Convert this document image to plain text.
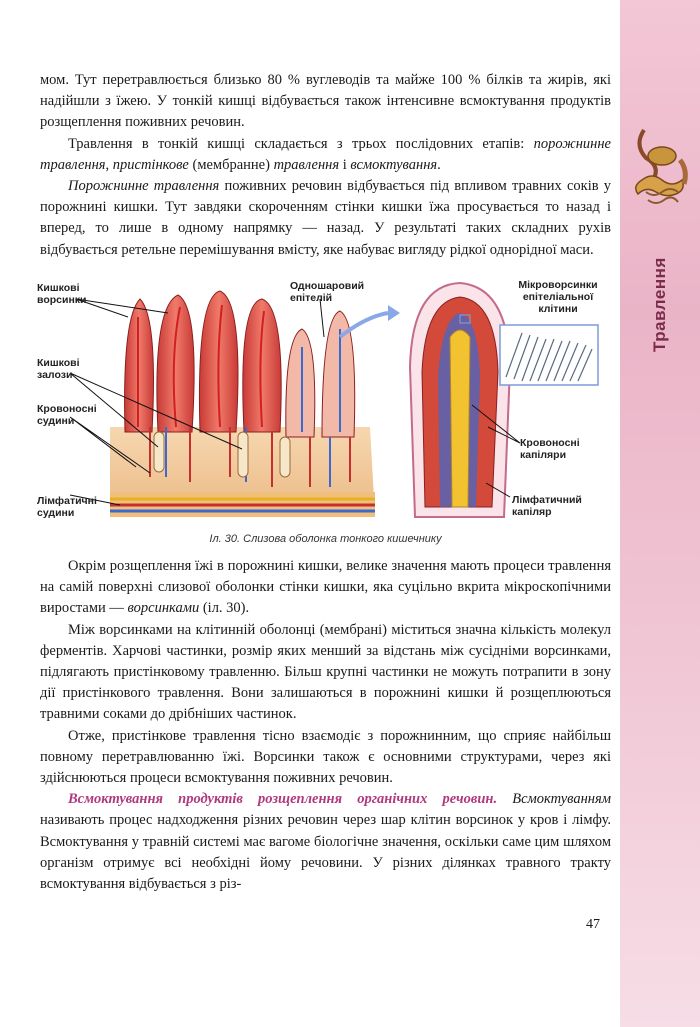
Травлення

мом. Тут перетравлюється близько 80 % вуглеводів та майже 100 % білків та жирів, які надійшли з їжею. У тонкій кишці відбувається також інтенсивне всмоктування продуктів розщеплення поживних речовин.

Травлення в тонкій кишці складається з трьох послідовних етапів: порожнинне травлення, пристінкове (мембранне) травлення і всмоктування.

Порожнинне травлення поживних речовин відбувається під впливом травних соків у порожнині кишки. Тут завдяки скороченням стінки кишки їжа просувається то назад і вперед, то лише в одному напрямку — назад. У результаті таких складних рухів відбувається ретельне перемішування вмісту, яке набуває вигляду рідкої однорідної маси.

Кишкові ворсинки
Кишкові залози
Кровоносні судини
Лімфатичні судини
Одношаровий епітелій
Мікроворсинки епітеліальної клітини
Кровоносні капіляри
Лімфатичний капіляр
Іл. 30. Слизова оболонка тонкого кишечнику

Окрім розщеплення їжі в порожнині кишки, велике значення мають процеси травлення на самій поверхні слизової оболонки стінки кишки, яка суцільно вкрита мікроскопічними виростами — ворсинками (іл. 30).

Між ворсинками на клітинній оболонці (мембрані) міститься значна кількість молекул ферментів. Харчові частинки, розмір яких менший за відстань між сусідніми ворсинками, підлягають пристінковому травленню. Більш крупні частинки не можуть потрапити в зону дії пристінкового травлення. Вони залишаються в порожнині кишки й розщеплюються травними соками до дрібніших частинок.

Отже, пристінкове травлення тісно взаємодіє з порожнинним, що сприяє найбільш повному перетравлюванню їжі. Ворсинки також є основними структурами, через які здійснюються процеси всмоктування поживних речовин.

Всмоктування продуктів розщеплення органічних речовин. Всмоктуванням називають процес надходження різних речовин через шар клітин ворсинок у кров і лімфу. Всмоктування у травній системі має вагоме біологічне значення, оскільки саме цим шляхом організм отримує всі необхідні йому речовини. У різних ділянках травного тракту всмоктування відбувається з різ-

47
